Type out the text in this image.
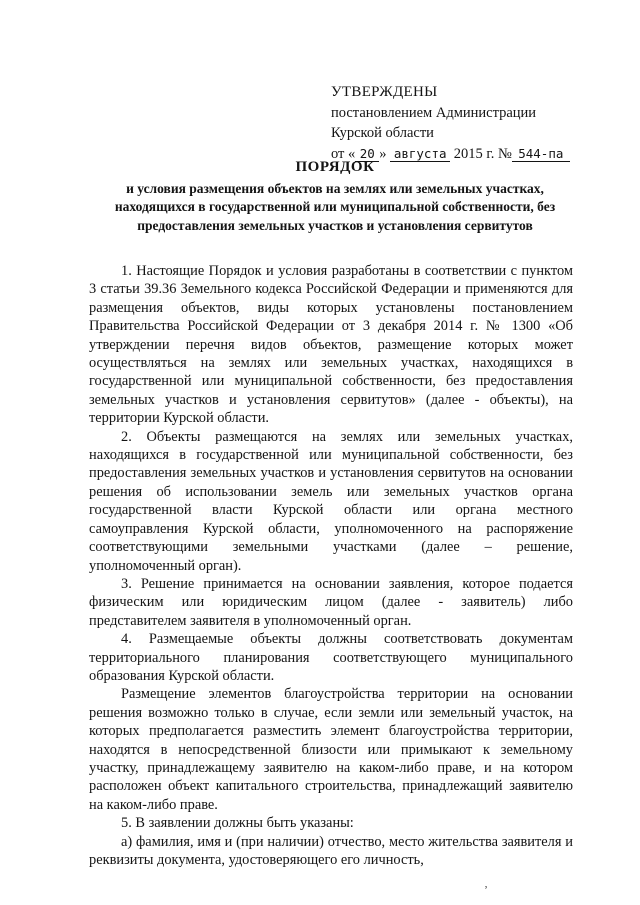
УТВЕРЖДЕНЫ
постановлением Администрации
Курской области
от « 20 » августа 2015 г. № 544-па
ПОРЯДОК
и условия размещения объектов на землях или земельных участках, находящихся в государственной или муниципальной собственности, без предоставления земельных участков и установления сервитутов

1. Настоящие Порядок и условия разработаны в соответствии с пунктом 3 статьи 39.36 Земельного кодекса Российской Федерации и применяются для размещения объектов, виды которых установлены постановлением Правительства Российской Федерации от 3 декабря 2014 г. № 1300 «Об утверждении перечня видов объектов, размещение которых может осуществляться на землях или земельных участках, находящихся в государственной или муниципальной собственности, без предоставления земельных участков и установления сервитутов» (далее - объекты), на территории Курской области.

2. Объекты размещаются на землях или земельных участках, находящихся в государственной или муниципальной собственности, без предоставления земельных участков и установления сервитутов на основании решения об использовании земель или земельных участков органа государственной власти Курской области или органа местного самоуправления Курской области, уполномоченного на распоряжение соответствующими земельными участками (далее – решение, уполномоченный орган).

3. Решение принимается на основании заявления, которое подается физическим или юридическим лицом (далее - заявитель) либо представителем заявителя в уполномоченный орган.

4. Размещаемые объекты должны соответствовать документам территориального планирования соответствующего муниципального образования Курской области.

Размещение элементов благоустройства территории на основании решения возможно только в случае, если земли или земельный участок, на которых предполагается разместить элемент благоустройства территории, находятся в непосредственной близости или примыкают к земельному участку, принадлежащему заявителю на каком-либо праве, и на котором расположен объект капитального строительства, принадлежащий заявителю на каком-либо праве.

5. В заявлении должны быть указаны:

а) фамилия, имя и (при наличии) отчество, место жительства заявителя и реквизиты документа, удостоверяющего его личность,

‚
